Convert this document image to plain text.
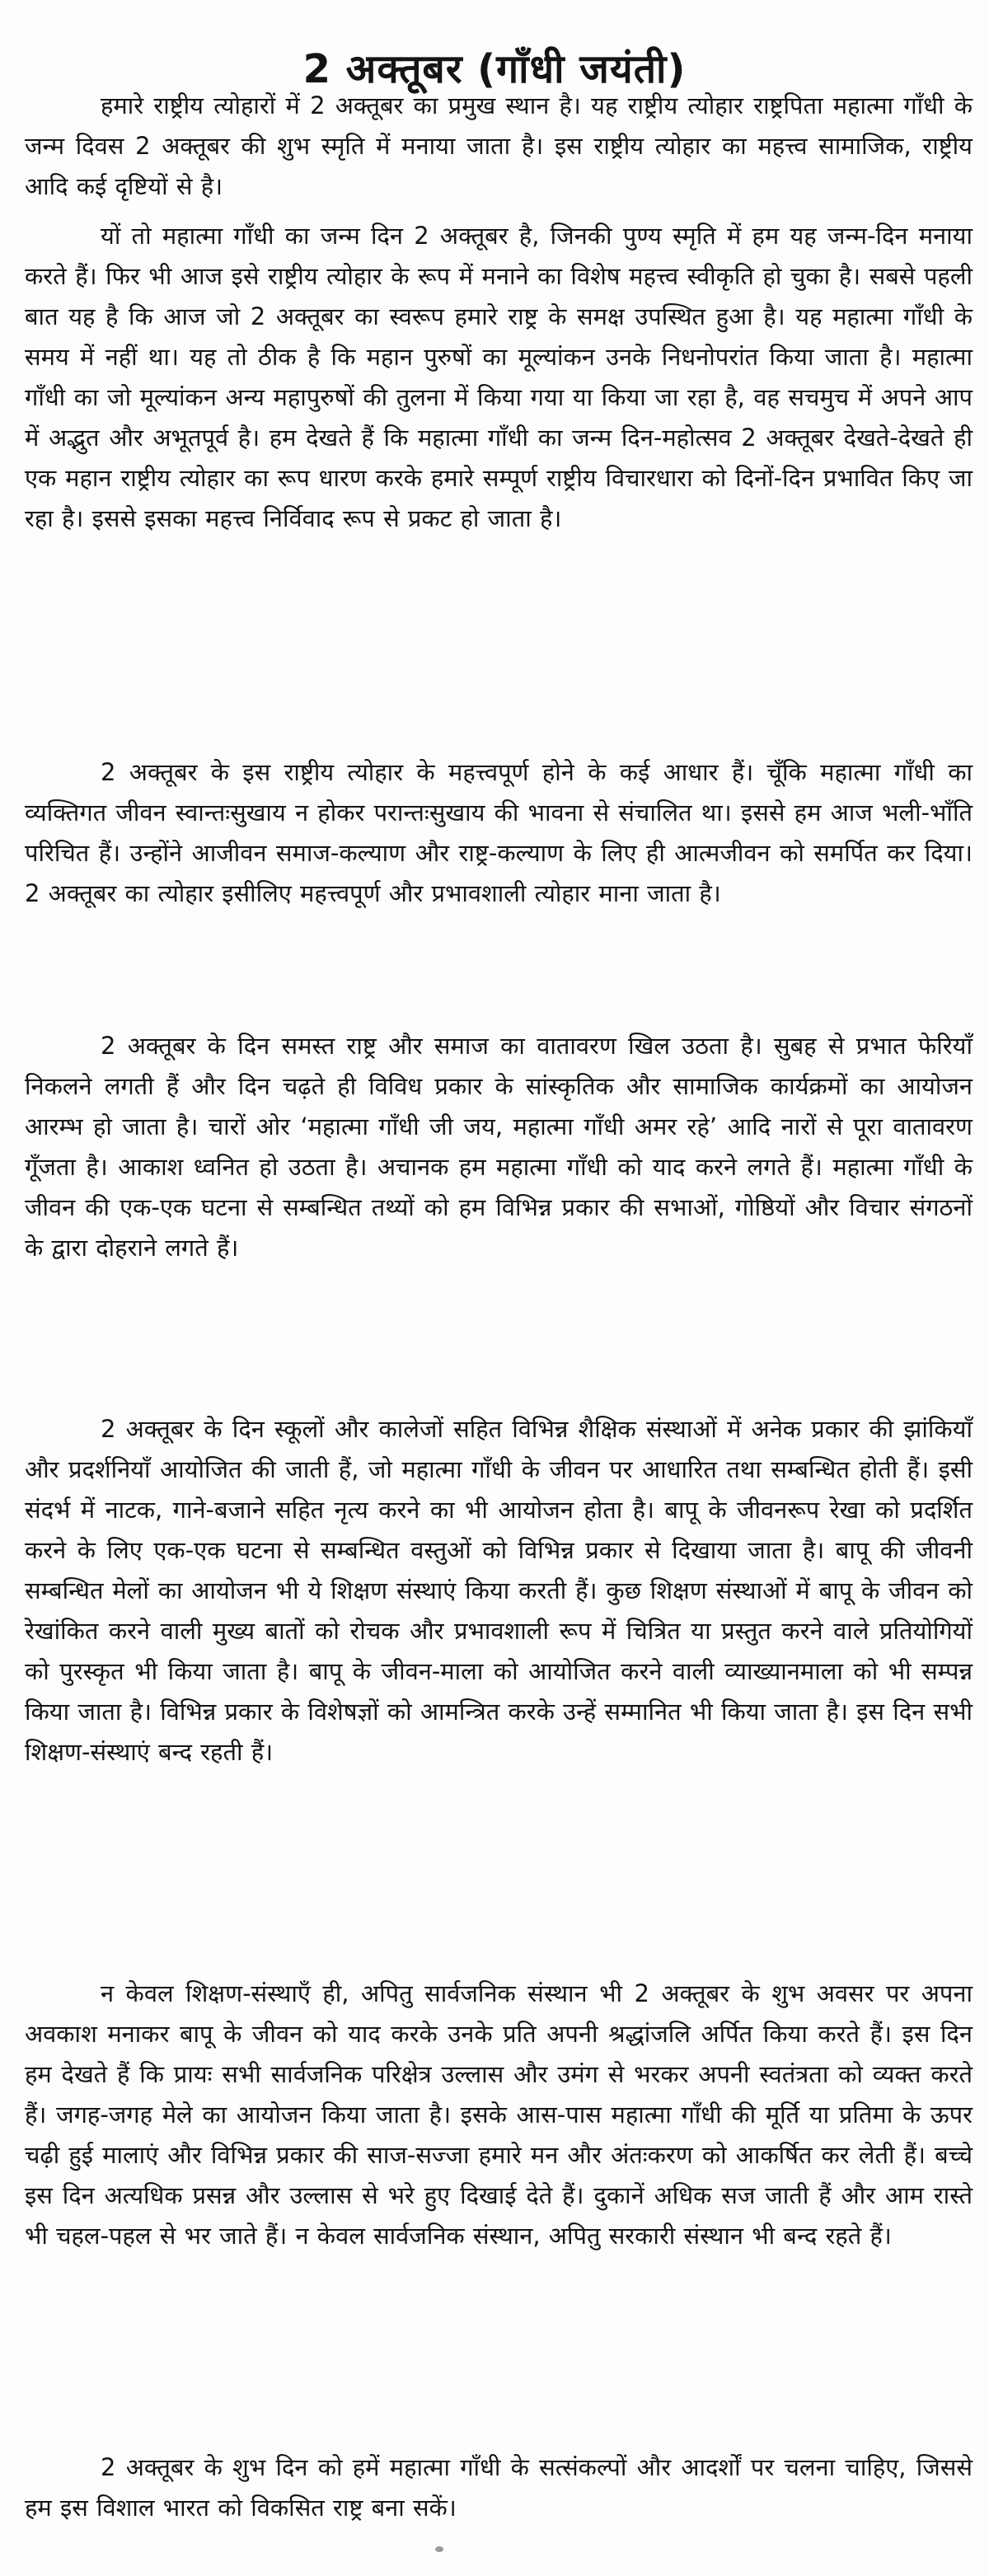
2 अक्तूबर (गाँधी जयंती)

हमारे राष्ट्रीय त्योहारों में 2 अक्तूबर का प्रमुख स्थान है। यह राष्ट्रीय त्योहार राष्ट्रपिता महात्मा गाँधी के जन्म दिवस 2 अक्तूबर की शुभ स्मृति में मनाया जाता है। इस राष्ट्रीय त्योहार का महत्त्व सामाजिक, राष्ट्रीय आदि कई दृष्टियों से है।

यों तो महात्मा गाँधी का जन्म दिन 2 अक्तूबर है, जिनकी पुण्य स्मृति में हम यह जन्म-दिन मनाया करते हैं। फिर भी आज इसे राष्ट्रीय त्योहार के रूप में मनाने का विशेष महत्त्व स्वीकृति हो चुका है। सबसे पहली बात यह है कि आज जो 2 अक्तूबर का स्वरूप हमारे राष्ट्र के समक्ष उपस्थित हुआ है। यह महात्मा गाँधी के समय में नहीं था। यह तो ठीक है कि महान पुरुषों का मूल्यांकन उनके निधनोपरांत किया जाता है। महात्मा गाँधी का जो मूल्यांकन अन्य महापुरुषों की तुलना में किया गया या किया जा रहा है, वह सचमुच में अपने आप में अद्भुत और अभूतपूर्व है। हम देखते हैं कि महात्मा गाँधी का जन्म दिन-महोत्सव 2 अक्तूबर देखते-देखते ही एक महान राष्ट्रीय त्योहार का रूप धारण करके हमारे सम्पूर्ण राष्ट्रीय विचारधारा को दिनों-दिन प्रभावित किए जा रहा है। इससे इसका महत्त्व निर्विवाद रूप से प्रकट हो जाता है।

2 अक्तूबर के इस राष्ट्रीय त्योहार के महत्त्वपूर्ण होने के कई आधार हैं। चूँकि महात्मा गाँधी का व्यक्तिगत जीवन स्वान्तःसुखाय न होकर परान्तःसुखाय की भावना से संचालित था। इससे हम आज भली-भाँति परिचित हैं। उन्होंने आजीवन समाज-कल्याण और राष्ट्र-कल्याण के लिए ही आत्मजीवन को समर्पित कर दिया। 2 अक्तूबर का त्योहार इसीलिए महत्त्वपूर्ण और प्रभावशाली त्योहार माना जाता है।

2 अक्तूबर के दिन समस्त राष्ट्र और समाज का वातावरण खिल उठता है। सुबह से प्रभात फेरियाँ निकलने लगती हैं और दिन चढ़ते ही विविध प्रकार के सांस्कृतिक और सामाजिक कार्यक्रमों का आयोजन आरम्भ हो जाता है। चारों ओर ‘महात्मा गाँधी जी जय, महात्मा गाँधी अमर रहे’ आदि नारों से पूरा वातावरण गूँजता है। आकाश ध्वनित हो उठता है। अचानक हम महात्मा गाँधी को याद करने लगते हैं। महात्मा गाँधी के जीवन की एक-एक घटना से सम्बन्धित तथ्यों को हम विभिन्न प्रकार की सभाओं, गोष्ठियों और विचार संगठनों के द्वारा दोहराने लगते हैं।

2 अक्तूबर के दिन स्कूलों और कालेजों सहित विभिन्न शैक्षिक संस्थाओं में अनेक प्रकार की झांकियाँ और प्रदर्शनियाँ आयोजित की जाती हैं, जो महात्मा गाँधी के जीवन पर आधारित तथा सम्बन्धित होती हैं। इसी संदर्भ में नाटक, गाने-बजाने सहित नृत्य करने का भी आयोजन होता है। बापू के जीवनरूप रेखा को प्रदर्शित करने के लिए एक-एक घटना से सम्बन्धित वस्तुओं को विभिन्न प्रकार से दिखाया जाता है। बापू की जीवनी सम्बन्धित मेलों का आयोजन भी ये शिक्षण संस्थाएं किया करती हैं। कुछ शिक्षण संस्थाओं में बापू के जीवन को रेखांकित करने वाली मुख्य बातों को रोचक और प्रभावशाली रूप में चित्रित या प्रस्तुत करने वाले प्रतियोगियों को पुरस्कृत भी किया जाता है। बापू के जीवन-माला को आयोजित करने वाली व्याख्यानमाला को भी सम्पन्न किया जाता है। विभिन्न प्रकार के विशेषज्ञों को आमन्त्रित करके उन्हें सम्मानित भी किया जाता है। इस दिन सभी शिक्षण-संस्थाएं बन्द रहती हैं।

न केवल शिक्षण-संस्थाएँ ही, अपितु सार्वजनिक संस्थान भी 2 अक्तूबर के शुभ अवसर पर अपना अवकाश मनाकर बापू के जीवन को याद करके उनके प्रति अपनी श्रद्धांजलि अर्पित किया करते हैं। इस दिन हम देखते हैं कि प्रायः सभी सार्वजनिक परिक्षेत्र उल्लास और उमंग से भरकर अपनी स्वतंत्रता को व्यक्त करते हैं। जगह-जगह मेले का आयोजन किया जाता है। इसके आस-पास महात्मा गाँधी की मूर्ति या प्रतिमा के ऊपर चढ़ी हुई मालाएं और विभिन्न प्रकार की साज-सज्जा हमारे मन और अंतःकरण को आकर्षित कर लेती हैं। बच्चे इस दिन अत्यधिक प्रसन्न और उल्लास से भरे हुए दिखाई देते हैं। दुकानें अधिक सज जाती हैं और आम रास्ते भी चहल-पहल से भर जाते हैं। न केवल सार्वजनिक संस्थान, अपितु सरकारी संस्थान भी बन्द रहते हैं।

2 अक्तूबर के शुभ दिन को हमें महात्मा गाँधी के सत्संकल्पों और आदर्शों पर चलना चाहिए, जिससे हम इस विशाल भारत को विकसित राष्ट्र बना सकें।
